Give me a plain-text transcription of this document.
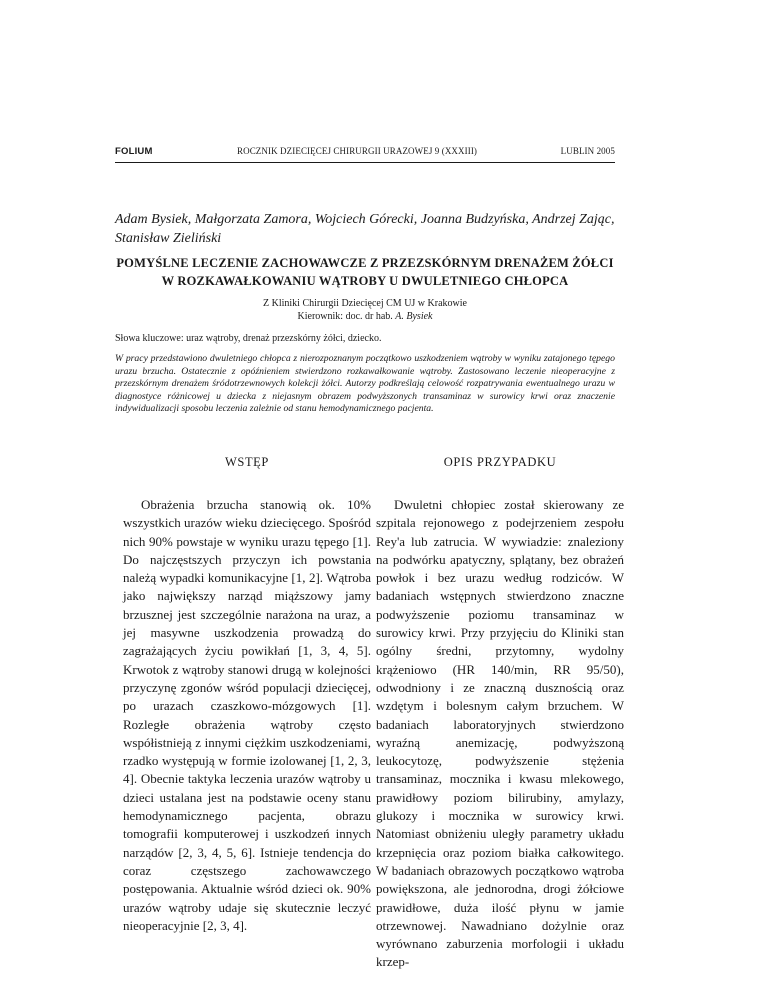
FOLIUM	ROCZNIK DZIECIĘCEJ CHIRURGII URAZOWEJ 9 (XXXIII)	LUBLIN 2005
Adam Bysiek, Małgorzata Zamora, Wojciech Górecki, Joanna Budzyńska, Andrzej Zając, Stanisław Zieliński
POMYŚLNE LECZENIE ZACHOWAWCZE Z PRZEZSKÓRNYM DRENAŻEM ŻÓŁCI W ROZKAWAŁKOWANIU WĄTROBY U DWULETNIEGO CHŁOPCA
Z Kliniki Chirurgii Dziecięcej CM UJ w Krakowie
Kierownik: doc. dr hab. A. Bysiek
Słowa kluczowe: uraz wątroby, drenaż przezskórny żółci, dziecko.
W pracy przedstawiono dwuletniego chłopca z nierozpoznanym początkowo uszkodzeniem wątroby w wyniku zatajonego tępego urazu brzucha. Ostatecznie z opóźnieniem stwierdzono rozkawałkowanie wątroby. Zastosowano leczenie nieoperacyjne z przezskórnym drenażem śródotrzewnowych kolekcji żółci. Autorzy podkreślają celowość rozpatrywania ewentualnego urazu w diagnostyce różnicowej u dziecka z niejasnym obrazem podwyższonych transaminaz w surowicy krwi oraz znaczenie indywidualizacji sposobu leczenia zależnie od stanu hemodynamicznego pacjenta.
WSTĘP
Obrażenia brzucha stanowią ok. 10% wszystkich urazów wieku dziecięcego. Spośród nich 90% powstaje w wyniku urazu tępego [1]. Do najczęstszych przyczyn ich powstania należą wypadki komunikacyjne [1, 2]. Wątroba jako największy narząd miąższowy jamy brzusznej jest szczególnie narażona na uraz, a jej masywne uszkodzenia prowadzą do zagrażających życiu powikłań [1, 3, 4, 5]. Krwotok z wątroby stanowi drugą w kolejności przyczynę zgonów wśród populacji dziecięcej, po urazach czaszkowo-mózgowych [1]. Rozległe obrażenia wątroby często współistnieją z innymi ciężkim uszkodzeniami, rzadko występują w formie izolowanej [1, 2, 3, 4]. Obecnie taktyka leczenia urazów wątroby u dzieci ustalana jest na podstawie oceny stanu hemodynamicznego pacjenta, obrazu tomografii komputerowej i uszkodzeń innych narządów [2, 3, 4, 5, 6]. Istnieje tendencja do coraz częstszego zachowawczego postępowania. Aktualnie wśród dzieci ok. 90% urazów wątroby udaje się skutecznie leczyć nieoperacyjnie [2, 3, 4].
OPIS PRZYPADKU
Dwuletni chłopiec został skierowany ze szpitala rejonowego z podejrzeniem zespołu Rey'a lub zatrucia. W wywiadzie: znaleziony na podwórku apatyczny, splątany, bez obrażeń powłok i bez urazu według rodziców. W badaniach wstępnych stwierdzono znaczne podwyższenie poziomu transaminaz w surowicy krwi. Przy przyjęciu do Kliniki stan ogólny średni, przytomny, wydolny krążeniowo (HR 140/min, RR 95/50), odwodniony i ze znaczną dusznością oraz wzdętym i bolesnym całym brzuchem. W badaniach laboratoryjnych stwierdzono wyraźną anemizację, podwyższoną leukocytozę, podwyższenie stężenia transaminaz, mocznika i kwasu mlekowego, prawidłowy poziom bilirubiny, amylazy, glukozy i mocznika w surowicy krwi. Natomiast obniżeniu uległy parametry układu krzepnięcia oraz poziom białka całkowitego. W badaniach obrazowych początkowo wątroba powiększona, ale jednorodna, drogi żółciowe prawidłowe, duża ilość płynu w jamie otrzewnowej. Nawadniano dożylnie oraz wyrównano zaburzenia morfologii i układu krzep-
